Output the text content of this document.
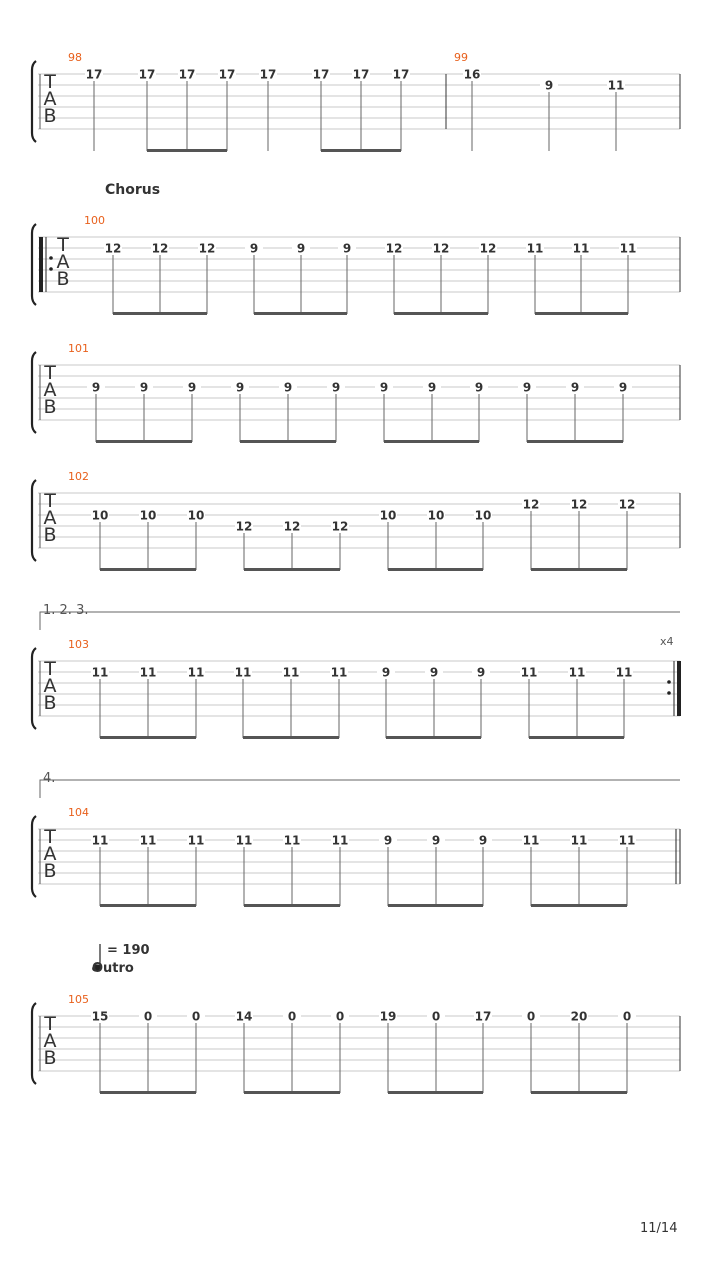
T
A
B
98
17	17 17 17 17	17 17 17
99
16
9	11
T
A
B
100
12	12	12	9	9	9	12	12	12	11 11	11
T
A
B
101
9	9	9	9	9	9	9	9	9	9	9	9
T
A
B
102
10	10	10
12	12	12
10	10	10
12	12	12
T
A
B
103
11	11	11	11	11	11	9	9	9	11	11	11
T
A
B
104
11	11	11	11	11	11	9	9	9	11	11	11
T
A
B
105
15	0	0	14	0	0	19	0	17	0	20	0
Chorus
1. 2. 3.
4.
x4
= 190
Outro
11/14
